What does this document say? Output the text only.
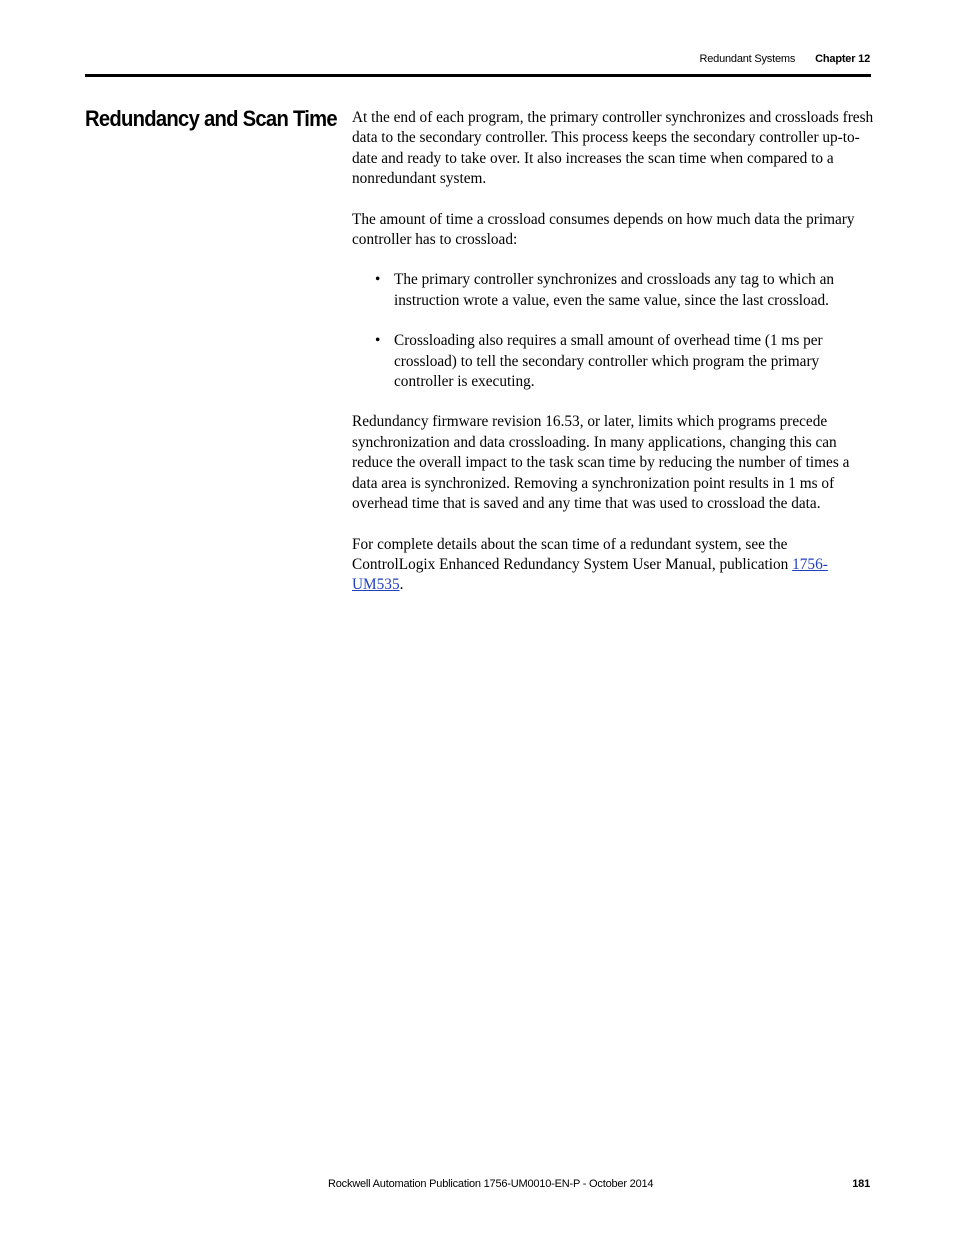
Redundant Systems Chapter 12
Redundancy and Scan Time At the end of each program, the primary controller synchronizes and crossloads fresh data to the secondary controller. This process keeps the secondary controller up-to-date and ready to take over. It also increases the scan time when compared to a nonredundant system.

The amount of time a crossload consumes depends on how much data the primary controller has to crossload:

• The primary controller synchronizes and crossloads any tag to which an instruction wrote a value, even the same value, since the last crossload.
• Crossloading also requires a small amount of overhead time (1 ms per crossload) to tell the secondary controller which program the primary controller is executing.

Redundancy firmware revision 16.53, or later, limits which programs precede synchronization and data crossloading. In many applications, changing this can reduce the overall impact to the task scan time by reducing the number of times a data area is synchronized. Removing a synchronization point results in 1 ms of overhead time that is saved and any time that was used to crossload the data.

For complete details about the scan time of a redundant system, see the ControlLogix Enhanced Redundancy System User Manual, publication 1756-UM535.

Rockwell Automation Publication 1756-UM0010-EN-P - October 2014	181
